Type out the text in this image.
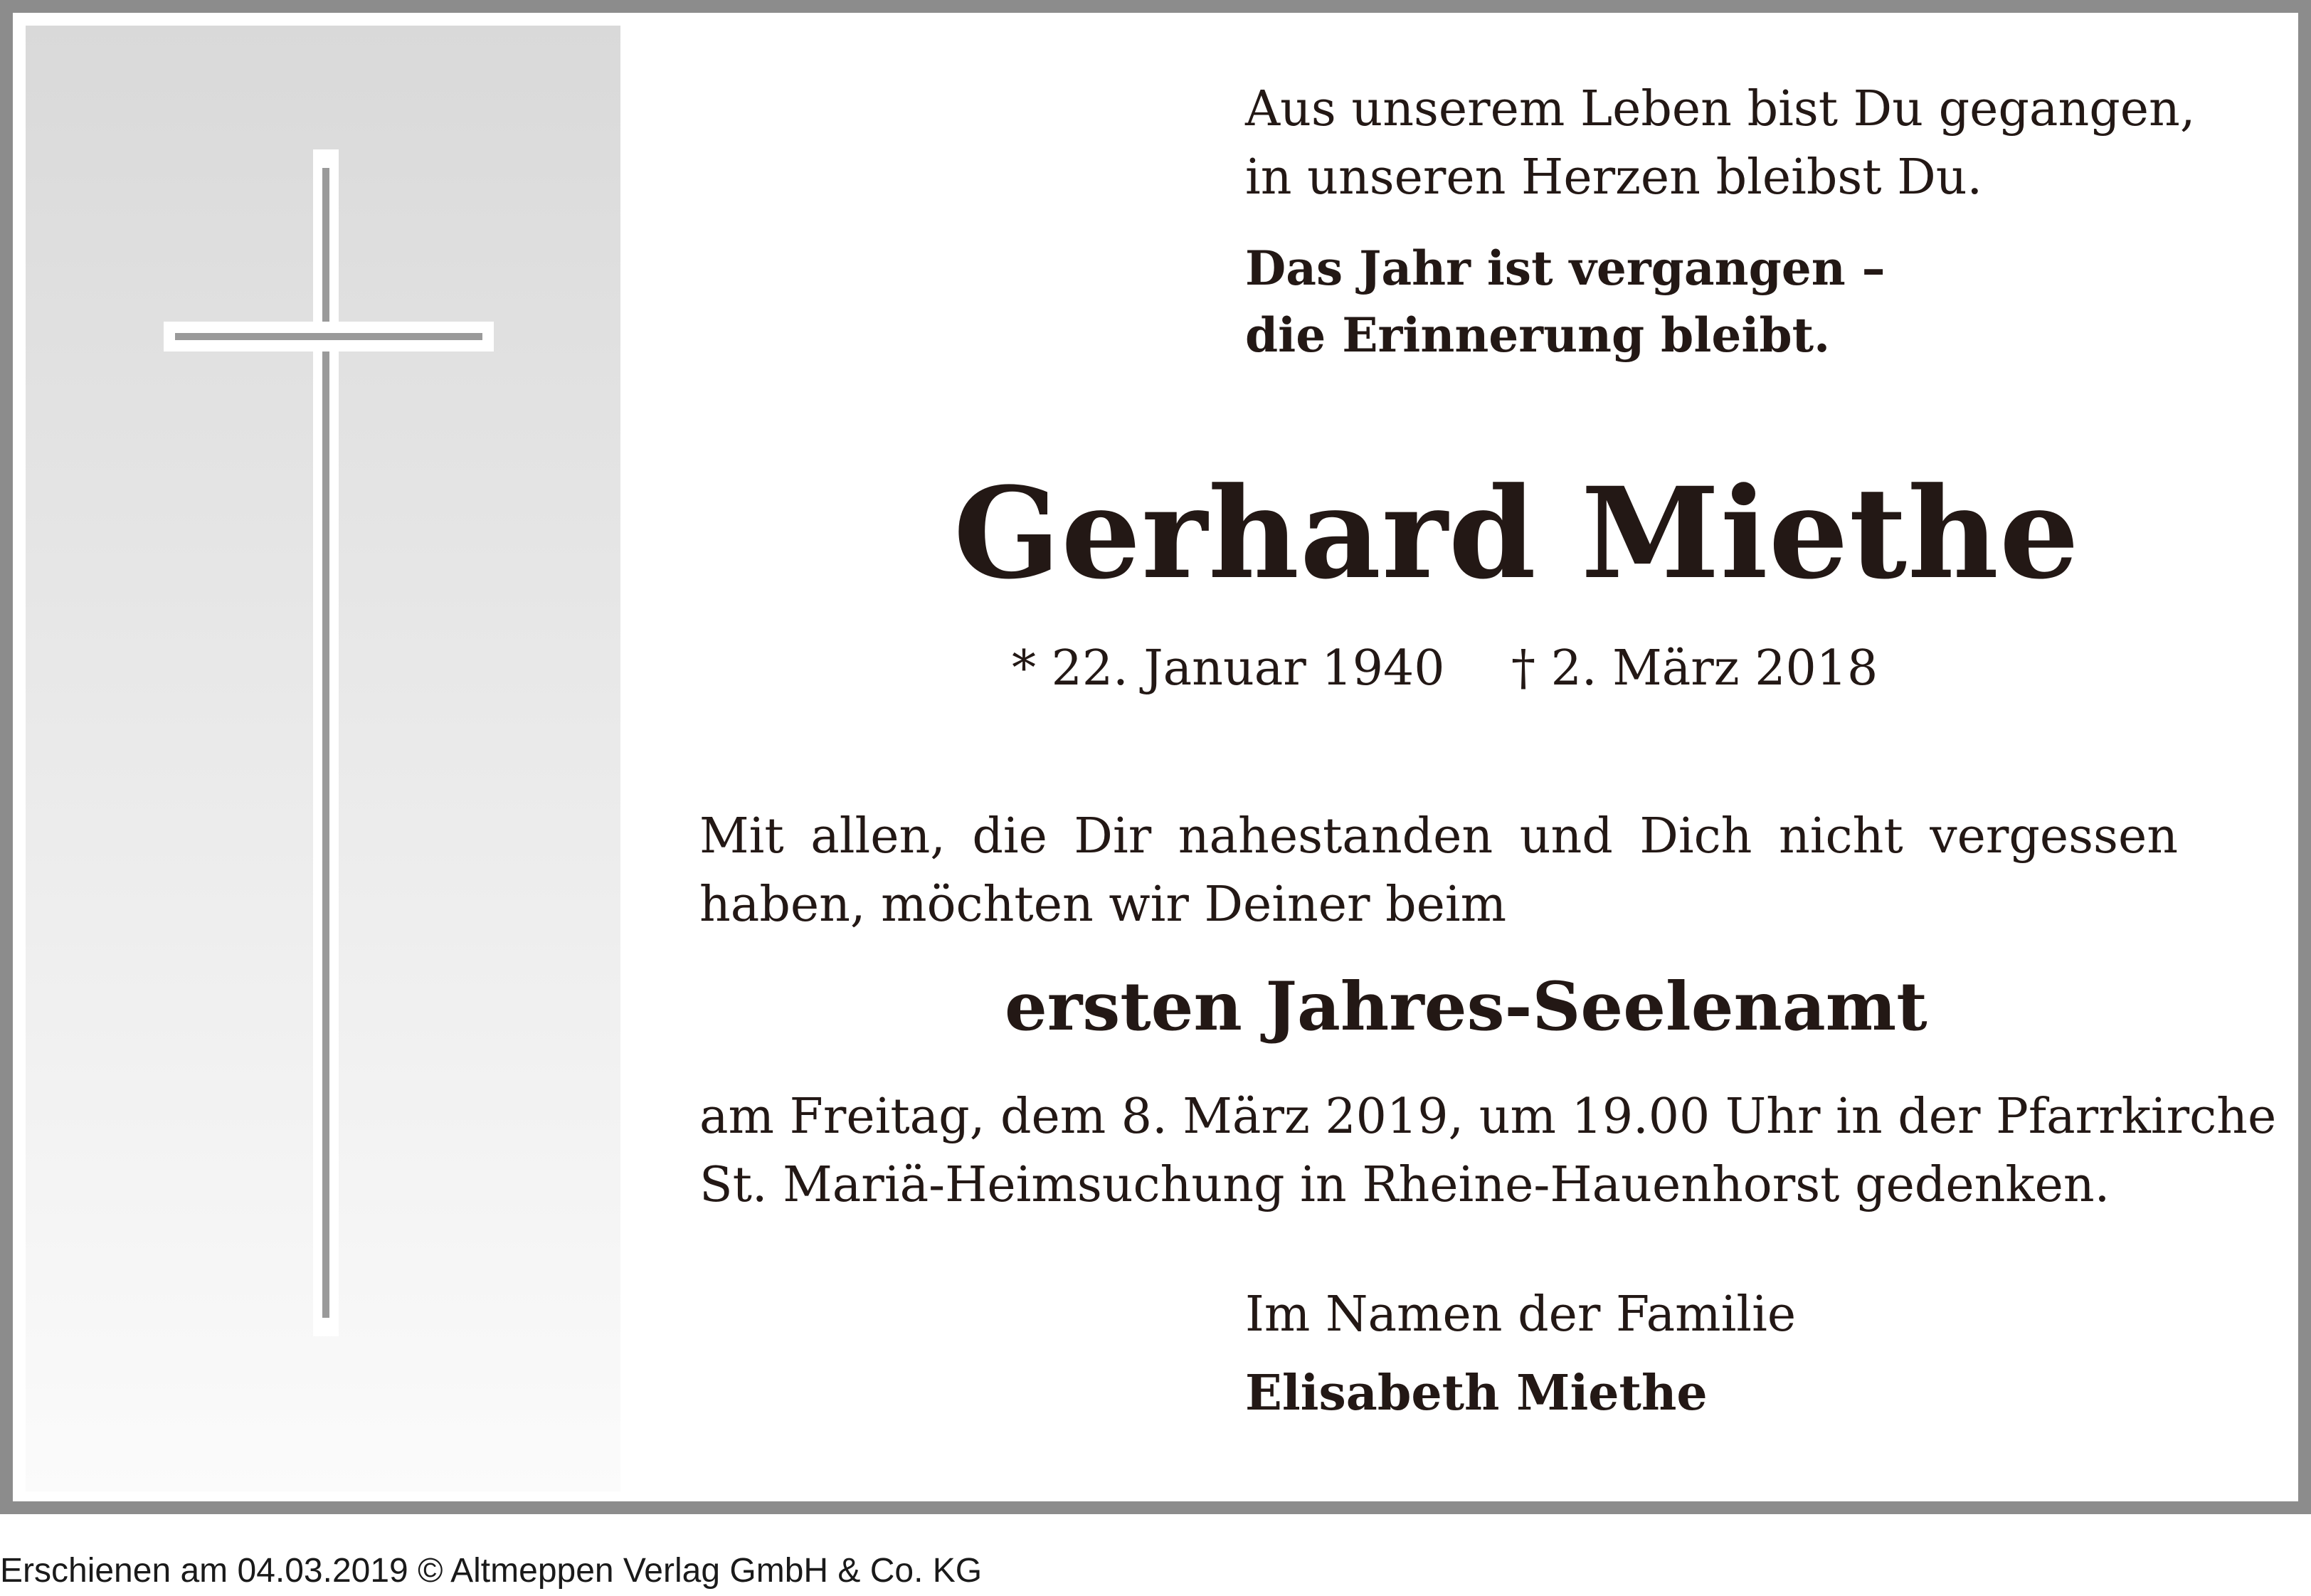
Aus unserem Leben bist Du gegangen,
in unseren Herzen bleibst Du.
Das Jahr ist vergangen –
die Erinnerung bleibt.
Gerhard Miethe
* 22. Januar 1940 † 2. März 2018
Mit allen, die Dir nahestanden und Dich nicht vergessen
haben, möchten wir Deiner beim
ersten Jahres-Seelenamt
am Freitag, dem 8. März 2019, um 19.00 Uhr in der Pfarrkirche
St. Mariä-Heimsuchung in Rheine-Hauenhorst gedenken.
Im Namen der Familie
Elisabeth Miethe
Erschienen am 04.03.2019 © Altmeppen Verlag GmbH & Co. KG
